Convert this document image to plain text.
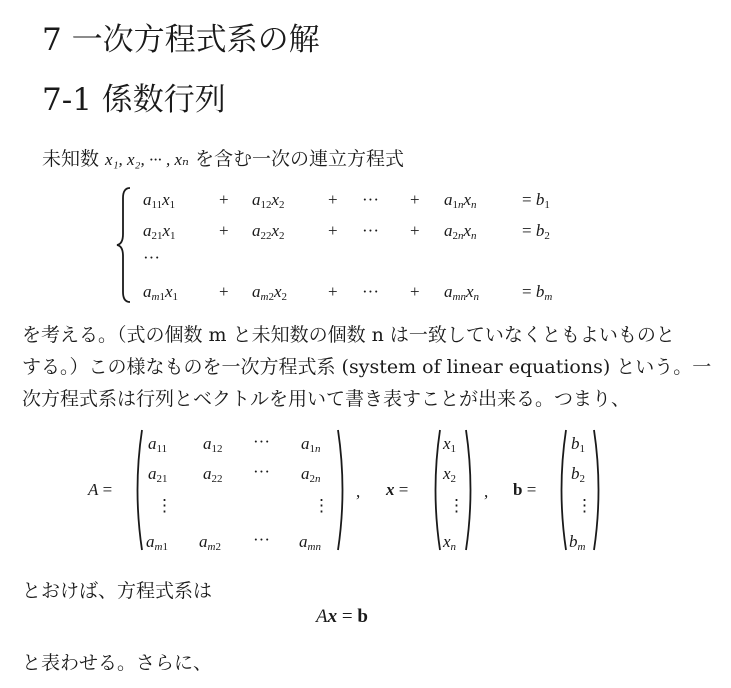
7 一次方程式系の解
7-1 係数行列
未知数 x₁, x₂, ··· , xₙ を含む一次の連立方程式
$a_{11}x_1$	+ $a_{12}x_2$	+ ··· + $a_{1n}x_n$	= $b_1$
$a_{21}x_1$	+ $a_{22}x_2$	+ ··· + $a_{2n}x_n$	= $b_2$
···
$a_{m1}x_1 + a_{m2}x_2$ + ··· + $a_{mn}x_n$	= $b_m$
を考える。（式の個数 m と未知数の個数 n は一致していなくともよいものと
する。）この様なものを一次方程式系 (system of linear equations) という。一
次方程式系は行列とベクトルを用いて書き表すことが出来る。つまり、
A =
$a_{11}$ $a_{12}$ ··· $a_{1n}$
$a_{21}$ $a_{22}$ ··· $a_{2n}$
⋮	⋮
$a_{m1}$ $a_{m2}$ ··· $a_{mn}$
, x =
$x_1$
$x_2$
⋮
$x_n$
, b =
$b_1$
$b_2$
⋮
$b_m$
とおけば、方程式系は
Ax = b
と表わせる。さらに、
